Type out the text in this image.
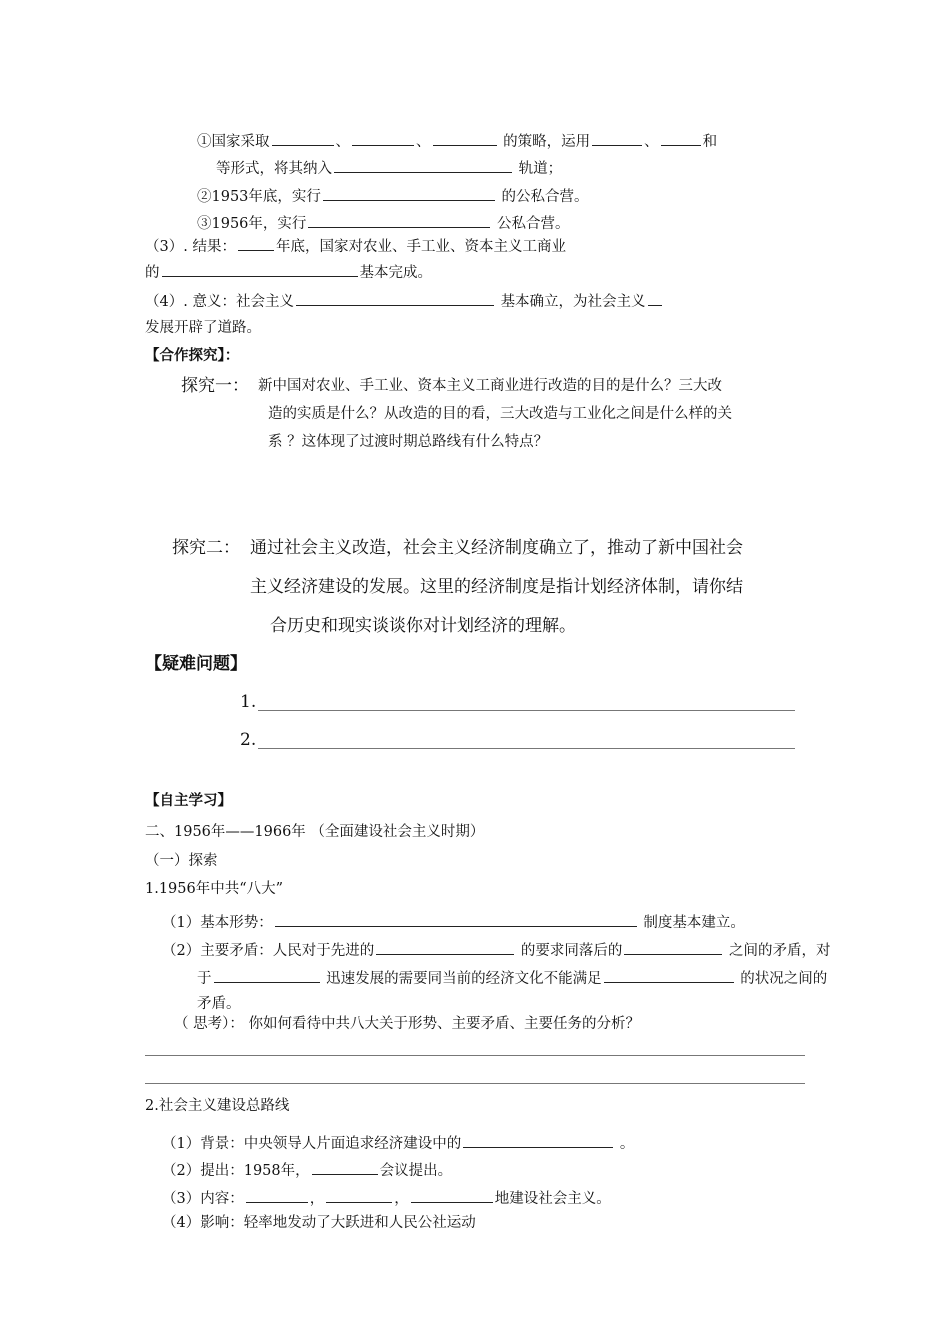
①国家采取	、	、	的策略，运用	、	和
等形式，将其纳入	轨道；
②1953年底，实行	的公私合营。
③1956年，实行	公私合营。
（3）. 结果：	年底，国家对农业、手工业、资本主义工商业
的	基本完成。
（4）. 意义：社会主义	基本确立，为社会主义
发展开辟了道路。
【合作探究】：
探究一： 新中国对农业、手工业、资本主义工商业进行改造的目的是什么？三大改
造的实质是什么？从改造的目的看，三大改造与工业化之间是什么样的关
系 ？这体现了过渡时期总路线有什么特点？
探究二： 通过社会主义改造，社会主义经济制度确立了，推动了新中国社会
主义经济建设的发展。这里的经济制度是指计划经济体制，请你结
合历史和现实谈谈你对计划经济的理解。
【疑难问题】
1.
2.
【自主学习】
二、1956年——1966年 （全面建设社会主义时期）
（一）探索
1.1956年中共“八大”
（1）基本形势：	制度基本建立。
（2）主要矛盾：人民对于先进的	的要求同落后的	之间的矛盾，对
于	迅速发展的需要同当前的经济文化不能满足	的状况之间的
矛盾。
（ 思考）： 你如何看待中共八大关于形势、主要矛盾、主要任务的分析？
2.社会主义建设总路线
（1）背景：中央领导人片面追求经济建设中的	。
（2）提出：1958年，	会议提出。
（3）内容：	，	，	地建设社会主义。
（4）影响：轻率地发动了大跃进和人民公社运动
